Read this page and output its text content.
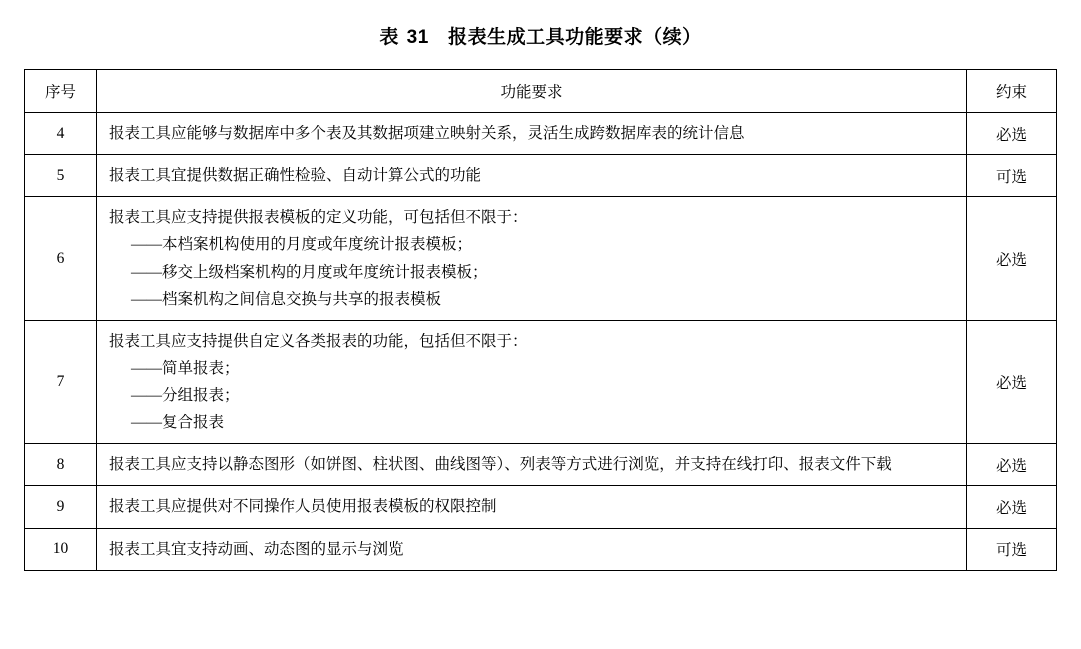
表 31 报表生成工具功能要求（续）
序号	功能要求	约束
4	报表工具应能够与数据库中多个表及其数据项建立映射关系，灵活生成跨数据库表的统计信息	必选
5	报表工具宜提供数据正确性检验、自动计算公式的功能	可选
6	报表工具应支持提供报表模板的定义功能，可包括但不限于：
——本档案机构使用的月度或年度统计报表模板；
——移交上级档案机构的月度或年度统计报表模板；
——档案机构之间信息交换与共享的报表模板	必选
7	报表工具应支持提供自定义各类报表的功能，包括但不限于：
——简单报表；
——分组报表；
——复合报表	必选
8	报表工具应支持以静态图形（如饼图、柱状图、曲线图等）、列表等方式进行浏览，并支持在线打印、报表文件下载	必选
9	报表工具应提供对不同操作人员使用报表模板的权限控制	必选
10	报表工具宜支持动画、动态图的显示与浏览	可选
